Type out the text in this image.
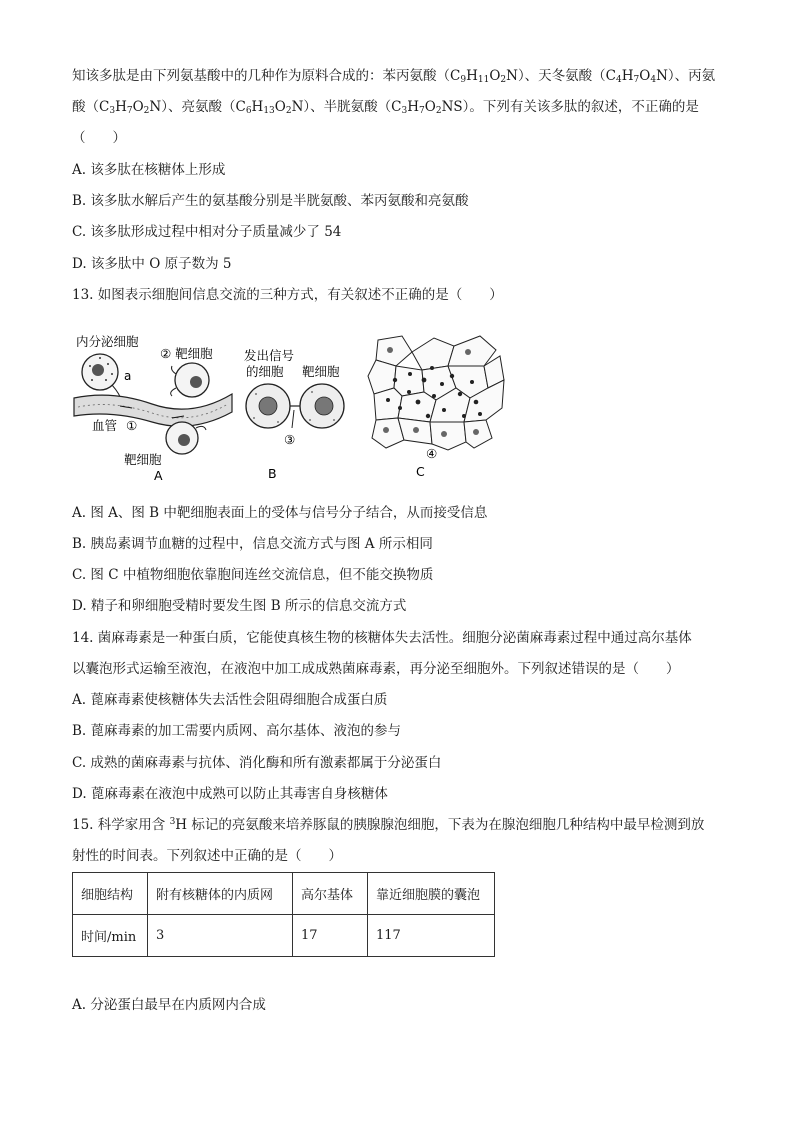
知该多肽是由下列氨基酸中的几种作为原料合成的：苯丙氨酸$(C_9H_{11}O_2N)$、天冬氨酸$(C_4H_7O_4N)$、丙氨
酸$(C_3H_7O_2N)$、亮氨酸$(C_6H_{13}O_2N)$、半胱氨酸$(C_3H_7O_2NS)$。下列有关该多肽的叙述，不正确的是
（　　）
A. 该多肽在核糖体上形成
B. 该多肽水解后产生的氨基酸分别是半胱氨酸、苯丙氨酸和亮氨酸
C. 该多肽形成过程中相对分子质量减少了 54
D. 该多肽中 O 原子数为 5
13. 如图表示细胞间信息交流的三种方式，有关叙述不正确的是（　　）
内分泌细胞
a
② 靶细胞
血管 ①
靶细胞
A
发出信号
的细胞 靶细胞
③
B
④
C
A. 图 A、图 B 中靶细胞表面上的受体与信号分子结合，从而接受信息
B. 胰岛素调节血糖的过程中，信息交流方式与图 A 所示相同
C. 图 C 中植物细胞依靠胞间连丝交流信息，但不能交换物质
D. 精子和卵细胞受精时要发生图 B 所示的信息交流方式
14. 菌麻毒素是一种蛋白质，它能使真核生物的核糖体失去活性。细胞分泌菌麻毒素过程中通过高尔基体
以囊泡形式运输至液泡，在液泡中加工成成熟菌麻毒素，再分泌至细胞外。下列叙述错误的是（　　）
A. 蓖麻毒素使核糖体失去活性会阻碍细胞合成蛋白质
B. 蓖麻毒素的加工需要内质网、高尔基体、液泡的参与
C. 成熟的菌麻毒素与抗体、消化酶和所有激素都属于分泌蛋白
D. 蓖麻毒素在液泡中成熟可以防止其毒害自身核糖体
15. 科学家用含 $^3$H 标记的亮氨酸来培养豚鼠的胰腺腺泡细胞，下表为在腺泡细胞几种结构中最早检测到放
射性的时间表。下列叙述中正确的是（　　）
细胞结构	附有核糖体的内质网	高尔基体	靠近细胞膜的囊泡
时间/min	3	17	117
A. 分泌蛋白最早在内质网内合成
